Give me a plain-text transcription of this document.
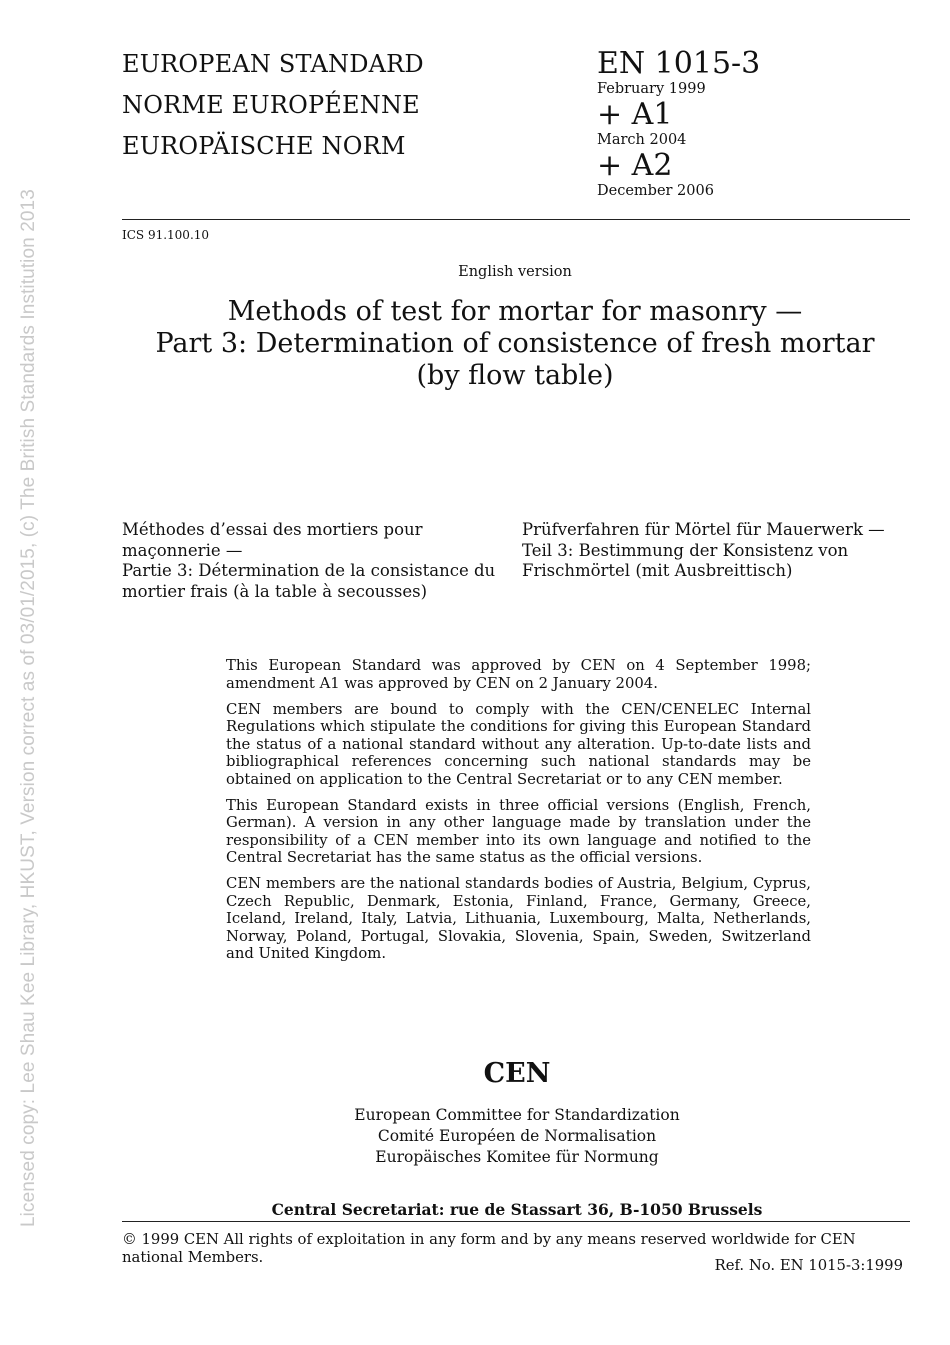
Licensed copy: Lee Shau Kee Library, HKUST, Version correct as of 03/01/2015, (c) The British Standards Institution 2013
EUROPEAN STANDARD
NORME EUROPÉENNE
EUROPÄISCHE NORM
EN 1015-3
February 1999
+ A1
March 2004
+ A2
December 2006
ICS 91.100.10
English version
Methods of test for mortar for masonry —
Part 3: Determination of consistence of fresh mortar
(by flow table)
Méthodes d’essai des mortiers pour
maçonnerie —
Partie 3: Détermination de la consistance du
mortier frais (à la table à secousses)
Prüfverfahren für Mörtel für Mauerwerk —
Teil 3: Bestimmung der Konsistenz von
Frischmörtel (mit Ausbreittisch)

This European Standard was approved by CEN on 4 September 1998; amendment A1 was approved by CEN on 2 January 2004.

CEN members are bound to comply with the CEN/CENELEC Internal Regulations which stipulate the conditions for giving this European Standard the status of a national standard without any alteration. Up-to-date lists and bibliographical references concerning such national standards may be obtained on application to the Central Secretariat or to any CEN member.

This European Standard exists in three official versions (English, French, German). A version in any other language made by translation under the responsibility of a CEN member into its own language and notified to the Central Secretariat has the same status as the official versions.

CEN members are the national standards bodies of Austria, Belgium, Cyprus, Czech Republic, Denmark, Estonia, Finland, France, Germany, Greece, Iceland, Ireland, Italy, Latvia, Lithuania, Luxembourg, Malta, Netherlands, Norway, Poland, Portugal, Slovakia, Slovenia, Spain, Sweden, Switzerland and United Kingdom.

CEN
European Committee for Standardization
Comité Européen de Normalisation
Europäisches Komitee für Normung
Central Secretariat: rue de Stassart 36, B-1050 Brussels
© 1999 CEN All rights of exploitation in any form and by any means reserved worldwide for CEN national Members.	Ref. No. EN 1015-3:1999
